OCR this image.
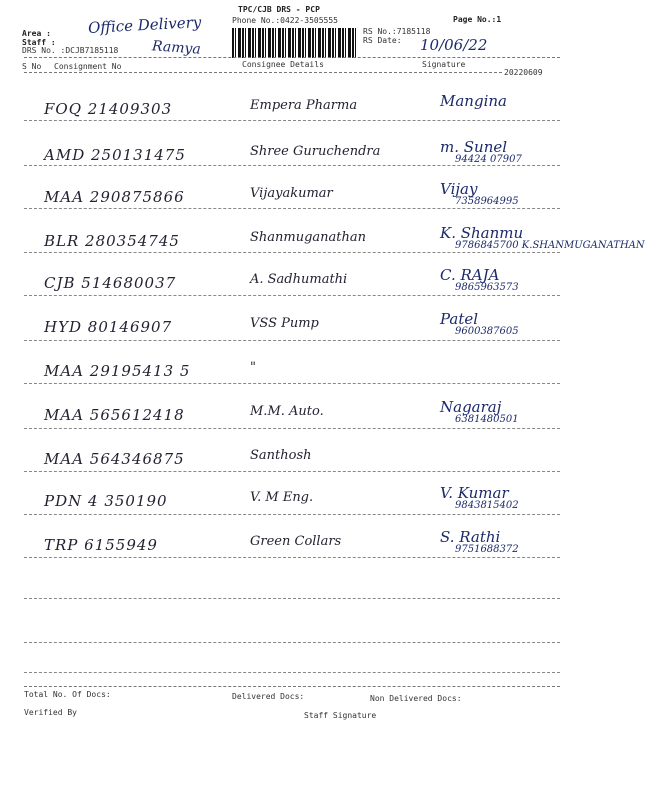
TPC/CJB DRS - PCP
Phone No.:0422-3505555	Page No.:1
Area : Office Delivery
Staff :	Ramya
DRS No. :DCJB7185118
RS No.:7185118
RS Date: 10/06/22
S No Consignment No	Consignee Details	Signature
20220609
FOQ 21409303	Empera Pharma	Mangina
AMD 250131475	Shree Guruchendra	m. Sunel
94424 07907
MAA 290875866	Vijayakumar	Vijay
7358964995
BLR 280354745	Shanmuganathan	K. Shanmu
9786845700 K.SHANMUGANATHAN
CJB 514680037	A. Sadhumathi	C. RAJA
9865963573
HYD 80146907	VSS Pump	Patel
9600387605
MAA 29195413 5	"
MAA 565612418	M.M. Auto.	Nagaraj
6381480501
MAA 564346875	Santhosh
PDN 4 350190	V. M Eng.	V. Kumar
9843815402
TRP 6155949	Green Collars	S. Rathi
9751688372
Total No. Of Docs:	Delivered Docs:	Non Delivered Docs:
Verified By	Staff Signature
